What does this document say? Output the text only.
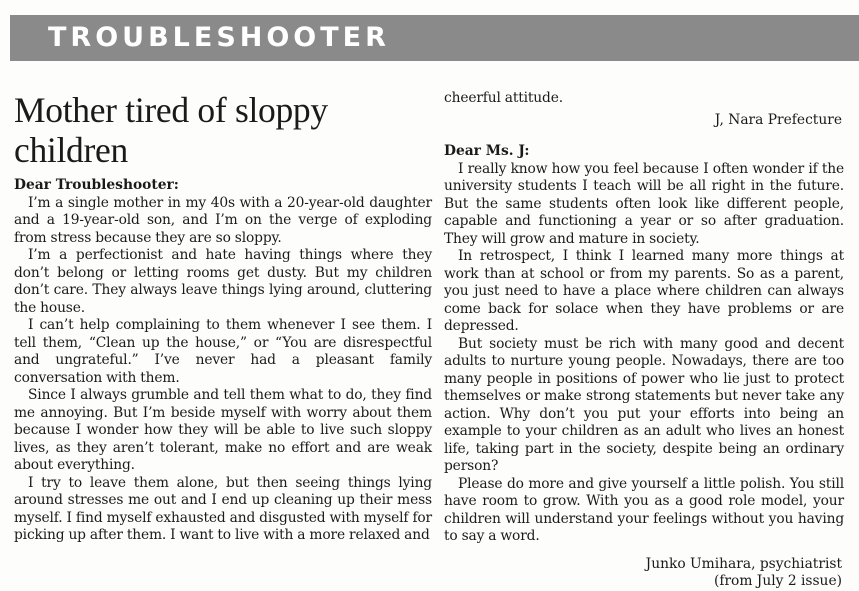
TROUBLESHOOTER
Mother tired of sloppy children
Dear Troubleshooter:

I’m a single mother in my 40s with a 20-year-old daughter and a 19-year-old son, and I’m on the verge of exploding from stress because they are so sloppy.

I’m a perfectionist and hate having things where they don’t belong or letting rooms get dusty. But my children don’t care. They always leave things lying around, cluttering the house.

I can’t help complaining to them whenever I see them. I tell them, “Clean up the house,” or “You are disrespectful and ungrateful.” I’ve never had a pleasant family conversation with them.

Since I always grumble and tell them what to do, they find me annoying. But I’m beside myself with worry about them because I wonder how they will be able to live such sloppy lives, as they aren’t tolerant, make no effort and are weak about everything.

I try to leave them alone, but then seeing things lying around stresses me out and I end up cleaning up their mess myself. I find myself exhausted and disgusted with myself for picking up after them. I want to live with a more relaxed and

cheerful attitude.

J, Nara Prefecture
Dear Ms. J:

I really know how you feel because I often wonder if the university students I teach will be all right in the future. But the same students often look like different people, capable and functioning a year or so after graduation. They will grow and mature in society.

In retrospect, I think I learned many more things at work than at school or from my parents. So as a parent, you just need to have a place where children can always come back for solace when they have problems or are depressed.

But society must be rich with many good and decent adults to nurture young people. Nowadays, there are too many people in positions of power who lie just to protect themselves or make strong statements but never take any action. Why don’t you put your efforts into being an example to your children as an adult who lives an honest life, taking part in the society, despite being an ordinary person?

Please do more and give yourself a little polish. You still have room to grow. With you as a good role model, your children will understand your feelings without you having to say a word.

Junko Umihara, psychiatrist
(from July 2 issue)
